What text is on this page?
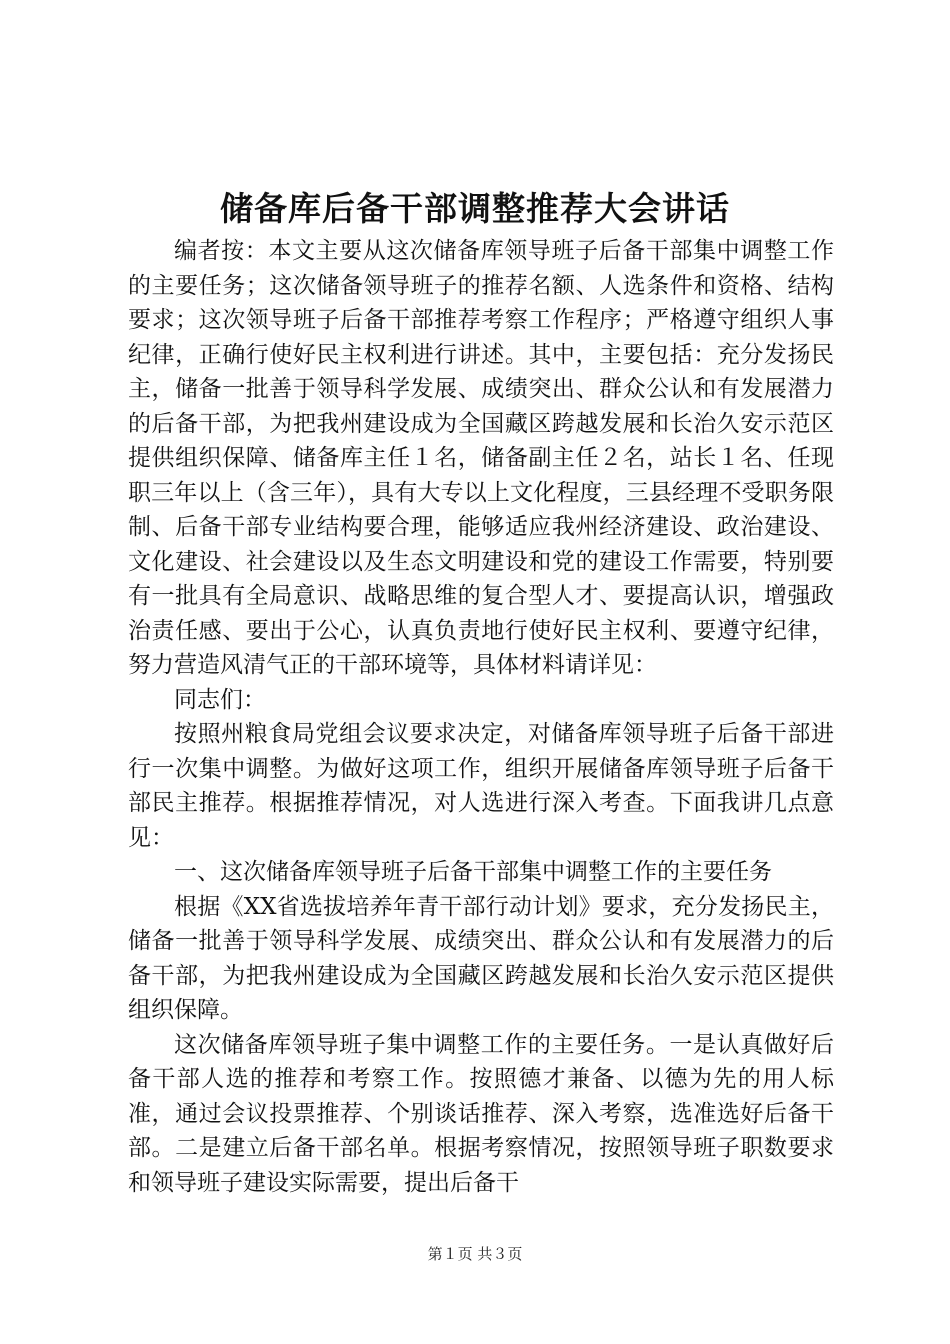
储备库后备干部调整推荐大会讲话

编者按：本文主要从这次储备库领导班子后备干部集中调整工作的主要任务；这次储备领导班子的推荐名额、人选条件和资格、结构要求；这次领导班子后备干部推荐考察工作程序；严格遵守组织人事纪律，正确行使好民主权利进行讲述。其中，主要包括：充分发扬民主，储备一批善于领导科学发展、成绩突出、群众公认和有发展潜力的后备干部，为把我州建设成为全国藏区跨越发展和长治久安示范区提供组织保障、储备库主任１名，储备副主任２名，站长１名、任现职三年以上（含三年），具有大专以上文化程度，三县经理不受职务限制、后备干部专业结构要合理，能够适应我州经济建设、政治建设、文化建设、社会建设以及生态文明建设和党的建设工作需要，特别要有一批具有全局意识、战略思维的复合型人才、要提高认识，增强政治责任感、要出于公心，认真负责地行使好民主权利、要遵守纪律，努力营造风清气正的干部环境等，具体材料请详见：

同志们：

按照州粮食局党组会议要求决定，对储备库领导班子后备干部进行一次集中调整。为做好这项工作，组织开展储备库领导班子后备干部民主推荐。根据推荐情况，对人选进行深入考查。下面我讲几点意见：

一、这次储备库领导班子后备干部集中调整工作的主要任务

根据《XX省选拔培养年青干部行动计划》要求，充分发扬民主，储备一批善于领导科学发展、成绩突出、群众公认和有发展潜力的后备干部，为把我州建设成为全国藏区跨越发展和长治久安示范区提供组织保障。

这次储备库领导班子集中调整工作的主要任务。一是认真做好后备干部人选的推荐和考察工作。按照德才兼备、以德为先的用人标准，通过会议投票推荐、个别谈话推荐、深入考察，选准选好后备干部。二是建立后备干部名单。根据考察情况，按照领导班子职数要求和领导班子建设实际需要，提出后备干

第１页 共３页
